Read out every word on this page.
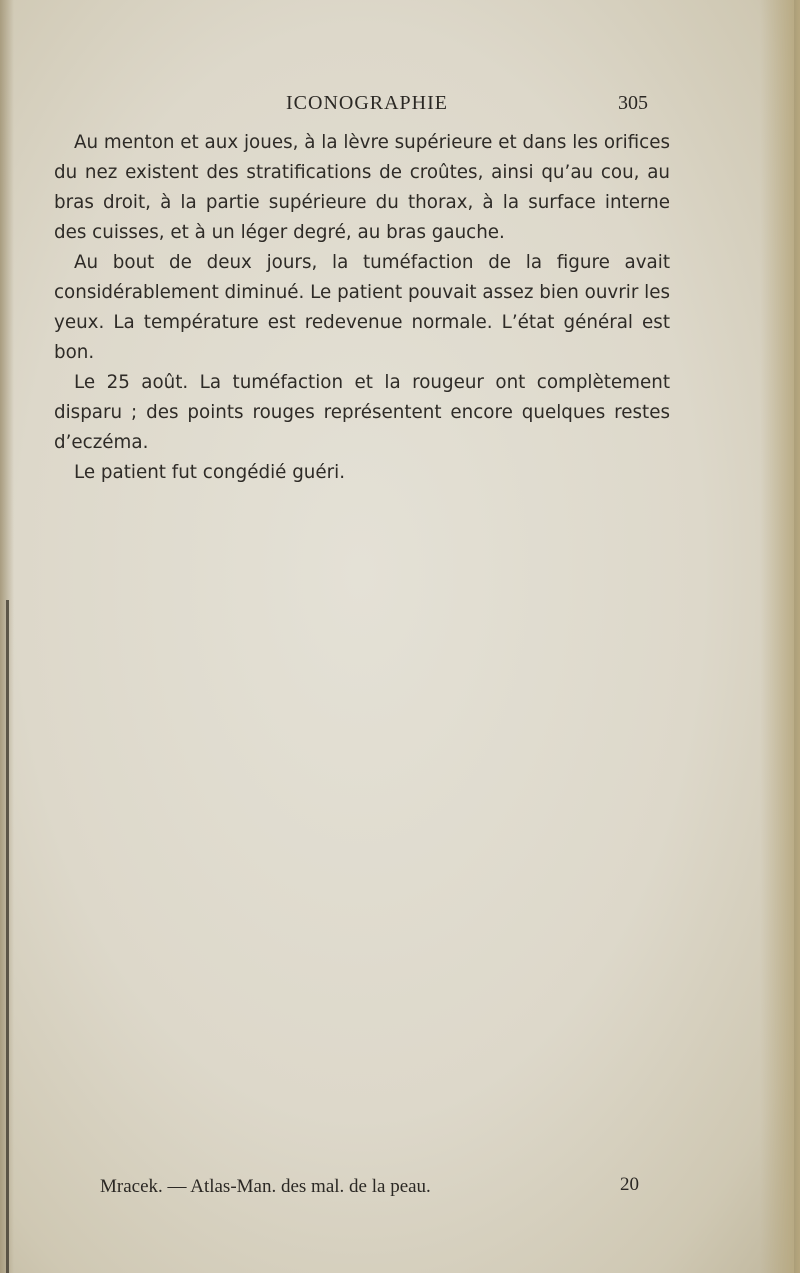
ICONOGRAPHIE	305

Au menton et aux joues, à la lèvre supérieure et dans les orifices du nez existent des stratifications de croûtes, ainsi qu’au cou, au bras droit, à la partie supérieure du thorax, à la surface interne des cuisses, et à un léger degré, au bras gauche.

Au bout de deux jours, la tuméfaction de la figure avait considérablement diminué. Le patient pouvait assez bien ouvrir les yeux. La température est redevenue normale. L’état général est bon.

Le 25 août. La tuméfaction et la rougeur ont complètement disparu ; des points rouges représentent encore quelques restes d’eczéma.

Le patient fut congédié guéri.

Mracek. — Atlas-Man. des mal. de la peau.	20
